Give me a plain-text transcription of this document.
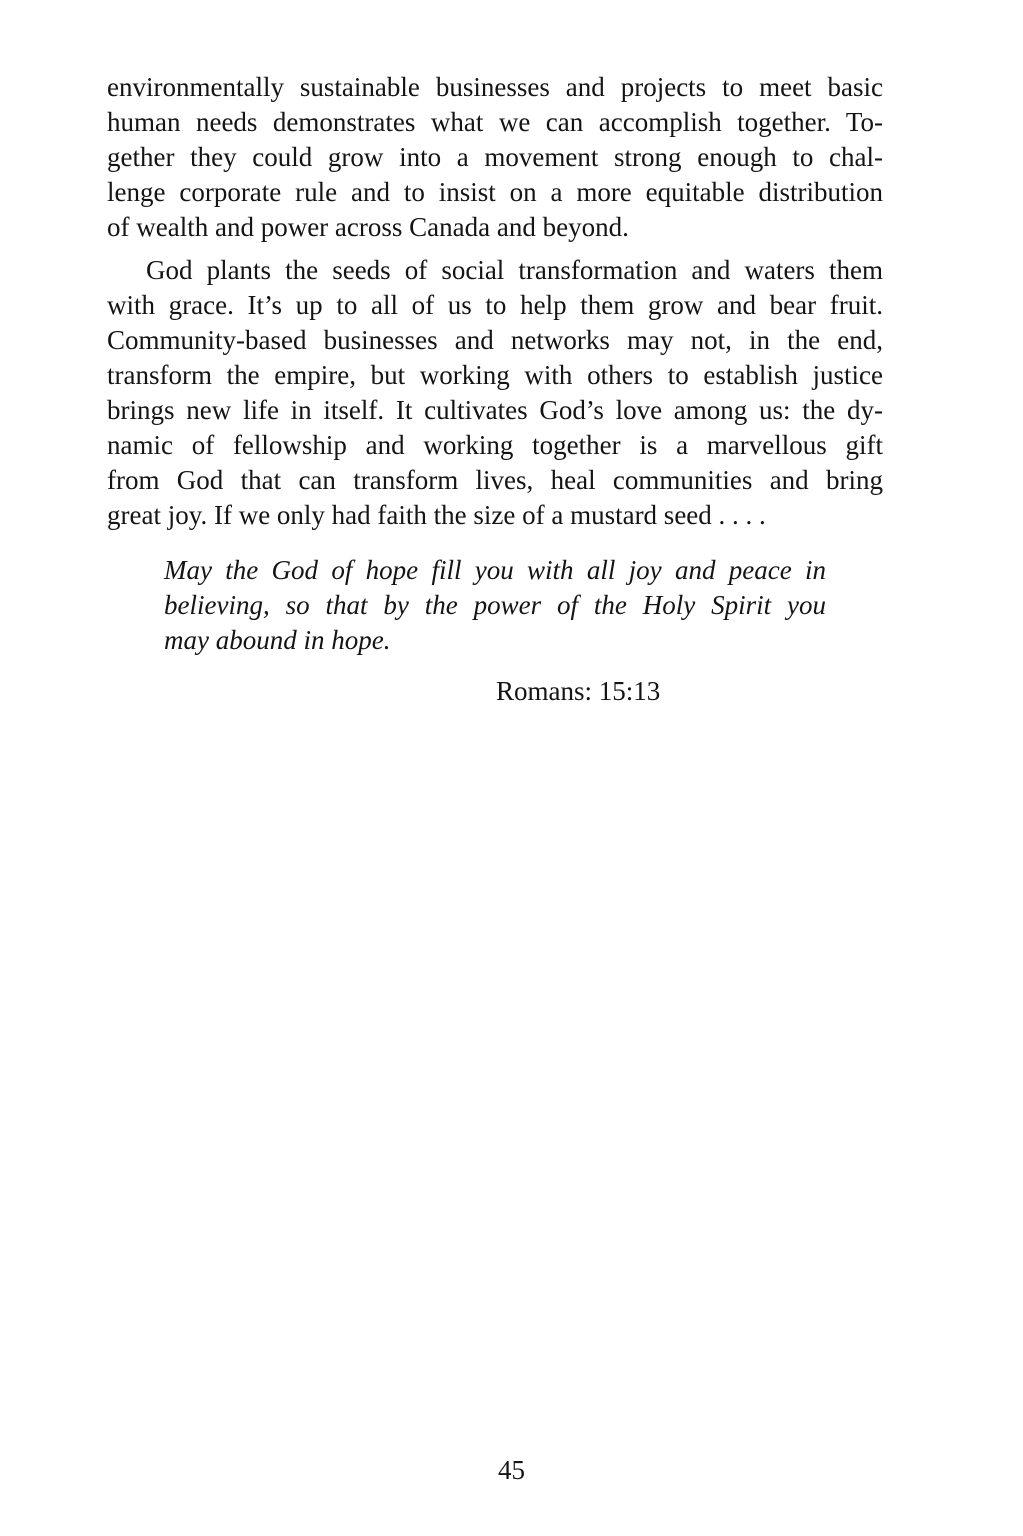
environmentally sustainable businesses and projects to meet basic
human needs demonstrates what we can accomplish together. To-
gether they could grow into a movement strong enough to chal-
lenge corporate rule and to insist on a more equitable distribution
of wealth and power across Canada and beyond.
God plants the seeds of social transformation and waters them
with grace. It’s up to all of us to help them grow and bear fruit.
Community-based businesses and networks may not, in the end,
transform the empire, but working with others to establish justice
brings new life in itself. It cultivates God’s love among us: the dy-
namic of fellowship and working together is a marvellous gift
from God that can transform lives, heal communities and bring
great joy. If we only had faith the size of a mustard seed . . . .
May the God of hope fill you with all joy and peace in
believing, so that by the power of the Holy Spirit you
may abound in hope.
Romans: 15:13
45
